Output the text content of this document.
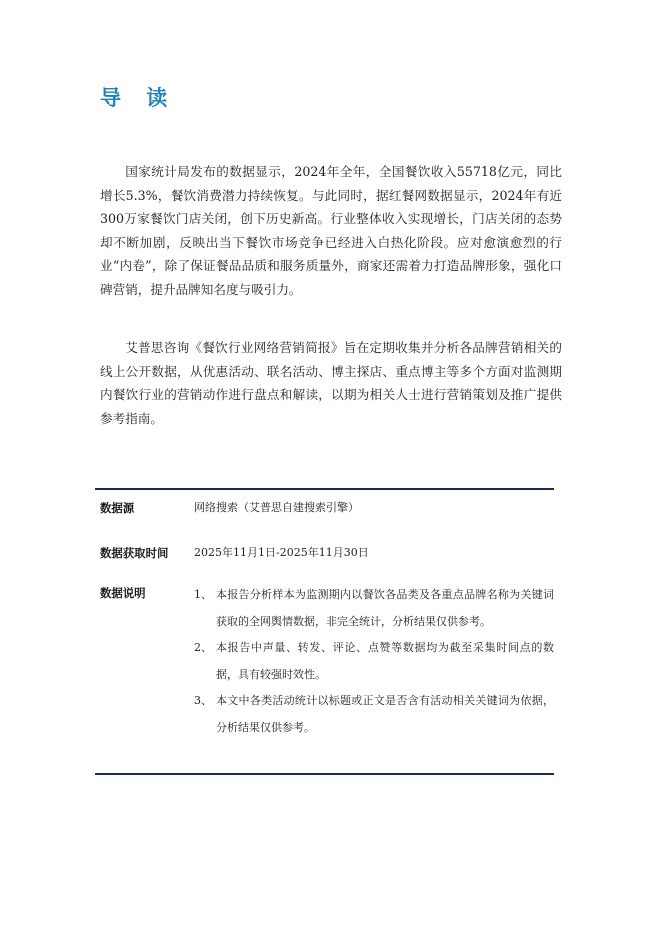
导 读

国家统计局发布的数据显示，2024年全年，全国餐饮收入55718亿元，同比增长5.3%，餐饮消费潜力持续恢复。与此同时，据红餐网数据显示，2024年有近300万家餐饮门店关闭，创下历史新高。行业整体收入实现增长，门店关闭的态势却不断加剧，反映出当下餐饮市场竞争已经进入白热化阶段。应对愈演愈烈的行业“内卷”，除了保证餐品品质和服务质量外，商家还需着力打造品牌形象，强化口碑营销，提升品牌知名度与吸引力。

艾普思咨询《餐饮行业网络营销简报》旨在定期收集并分析各品牌营销相关的线上公开数据，从优惠活动、联名活动、博主探店、重点博主等多个方面对监测期内餐饮行业的营销动作进行盘点和解读，以期为相关人士进行营销策划及推广提供参考指南。

数据源	网络搜索（艾普思自建搜索引擎）
数据获取时间 2025年11月1日-2025年11月30日
数据说明	1、 本报告分析样本为监测期内以餐饮各品类及各重点品牌名称为关键词获取的全网舆情数据，非完全统计，分析结果仅供参考。
2、 本报告中声量、转发、评论、点赞等数据均为截至采集时间点的数据，具有较强时效性。
3、 本文中各类活动统计以标题或正文是否含有活动相关关键词为依据，分析结果仅供参考。
